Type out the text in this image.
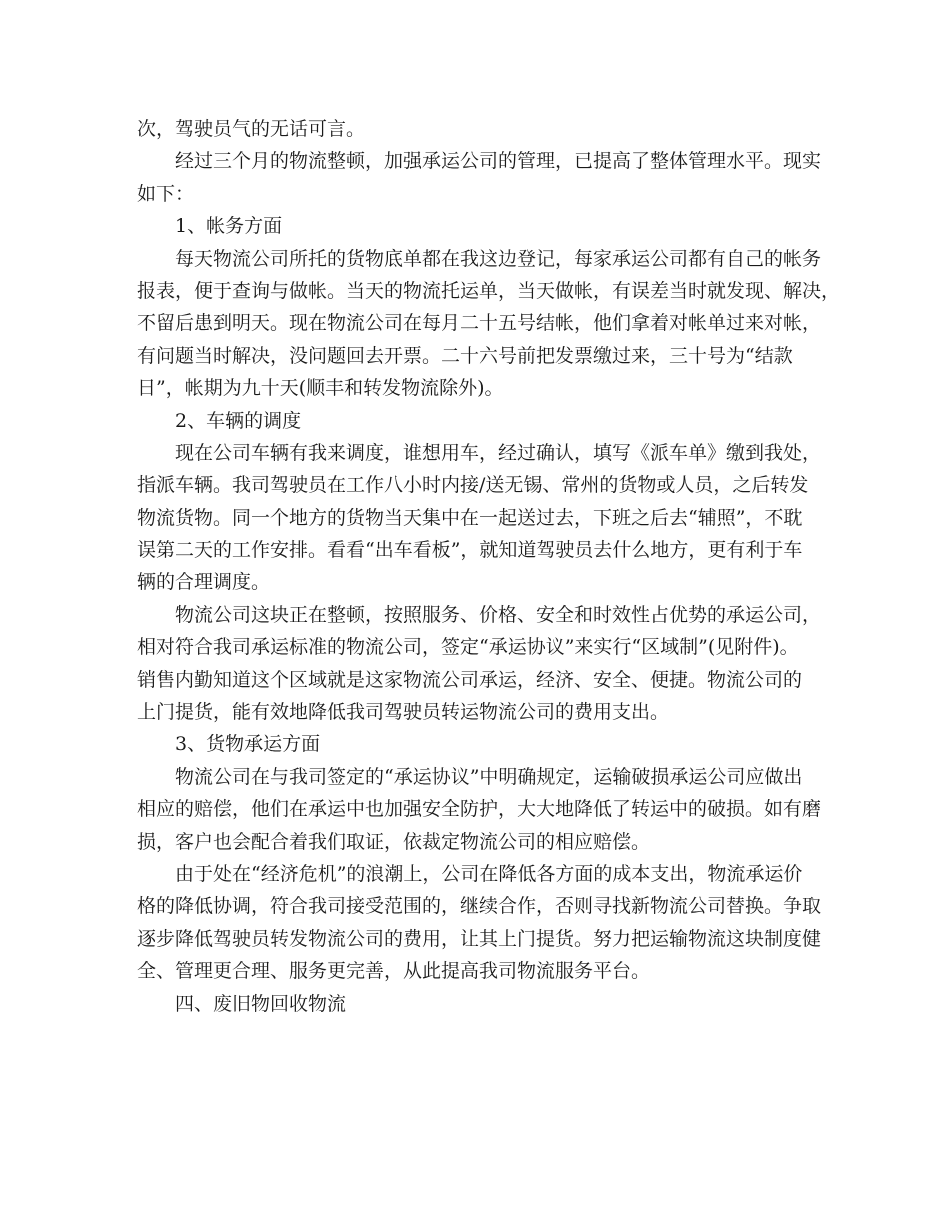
次，驾驶员气的无话可言。
经过三个月的物流整顿，加强承运公司的管理，已提高了整体管理水平。现实
如下：
1、帐务方面
每天物流公司所托的货物底单都在我这边登记，每家承运公司都有自己的帐务
报表，便于查询与做帐。当天的物流托运单，当天做帐，有误差当时就发现、解决，
不留后患到明天。现在物流公司在每月二十五号结帐，他们拿着对帐单过来对帐，
有问题当时解决，没问题回去开票。二十六号前把发票缴过来，三十号为“结款
日”，帐期为九十天(顺丰和转发物流除外)。
2、车辆的调度
现在公司车辆有我来调度，谁想用车，经过确认，填写《派车单》缴到我处，
指派车辆。我司驾驶员在工作八小时内接/送无锡、常州的货物或人员，之后转发
物流货物。同一个地方的货物当天集中在一起送过去，下班之后去“辅照”，不耽
误第二天的工作安排。看看“出车看板”，就知道驾驶员去什么地方，更有利于车
辆的合理调度。
物流公司这块正在整顿，按照服务、价格、安全和时效性占优势的承运公司，
相对符合我司承运标准的物流公司，签定“承运协议”来实行“区域制”(见附件)。
销售内勤知道这个区域就是这家物流公司承运，经济、安全、便捷。物流公司的
上门提货，能有效地降低我司驾驶员转运物流公司的费用支出。
3、货物承运方面
物流公司在与我司签定的“承运协议”中明确规定，运输破损承运公司应做出
相应的赔偿，他们在承运中也加强安全防护，大大地降低了转运中的破损。如有磨
损，客户也会配合着我们取证，依裁定物流公司的相应赔偿。
由于处在“经济危机”的浪潮上，公司在降低各方面的成本支出，物流承运价
格的降低协调，符合我司接受范围的，继续合作，否则寻找新物流公司替换。争取
逐步降低驾驶员转发物流公司的费用，让其上门提货。努力把运输物流这块制度健
全、管理更合理、服务更完善，从此提高我司物流服务平台。
四、废旧物回收物流
